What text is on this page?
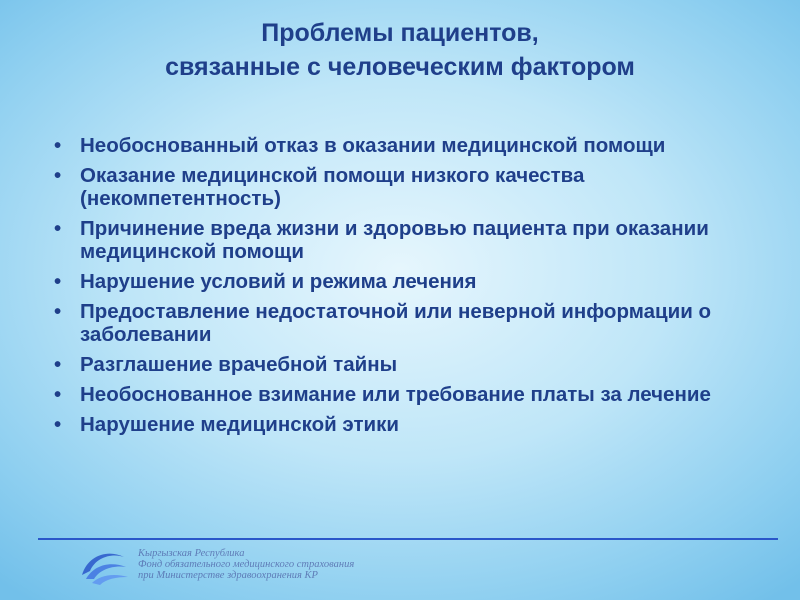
Проблемы пациентов,
связанные с человеческим фактором
• Необоснованный отказ в оказании медицинской помощи
• Оказание медицинской помощи низкого качества (некомпетентность)
• Причинение вреда жизни и здоровью пациента при оказании медицинской помощи
• Нарушение условий и режима лечения
• Предоставление недостаточной или неверной информации о заболевании
• Разглашение врачебной тайны
• Необоснованное взимание или требование платы за лечение
• Нарушение медицинской этики
Кыргызская Республика
Фонд обязательного медицинского страхования
при Министерстве здравоохранения КР
